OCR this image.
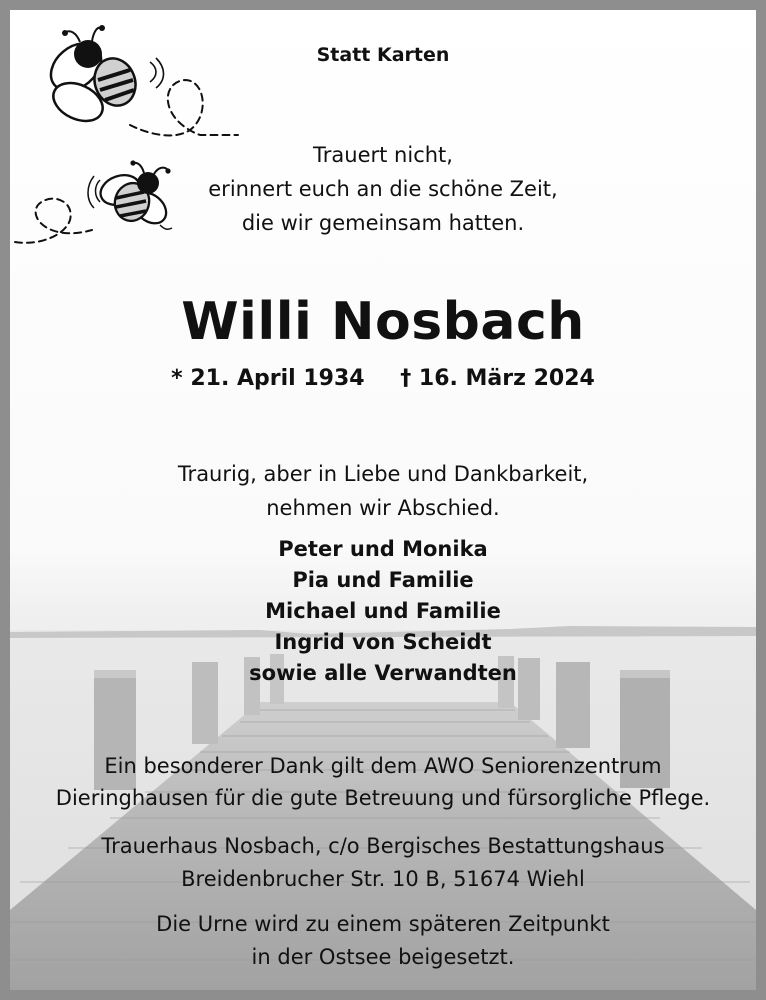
Statt Karten
Trauert nicht,
erinnert euch an die schöne Zeit,
die wir gemeinsam hatten.
Willi Nosbach
* 21. April 1934 † 16. März 2024
Traurig, aber in Liebe und Dankbarkeit,
nehmen wir Abschied.
Peter und Monika
Pia und Familie
Michael und Familie
Ingrid von Scheidt
sowie alle Verwandten
Ein besonderer Dank gilt dem AWO Seniorenzentrum
Dieringhausen für die gute Betreuung und fürsorgliche Pflege.
Trauerhaus Nosbach, c/o Bergisches Bestattungshaus
Breidenbrucher Str. 10 B, 51674 Wiehl
Die Urne wird zu einem späteren Zeitpunkt
in der Ostsee beigesetzt.
